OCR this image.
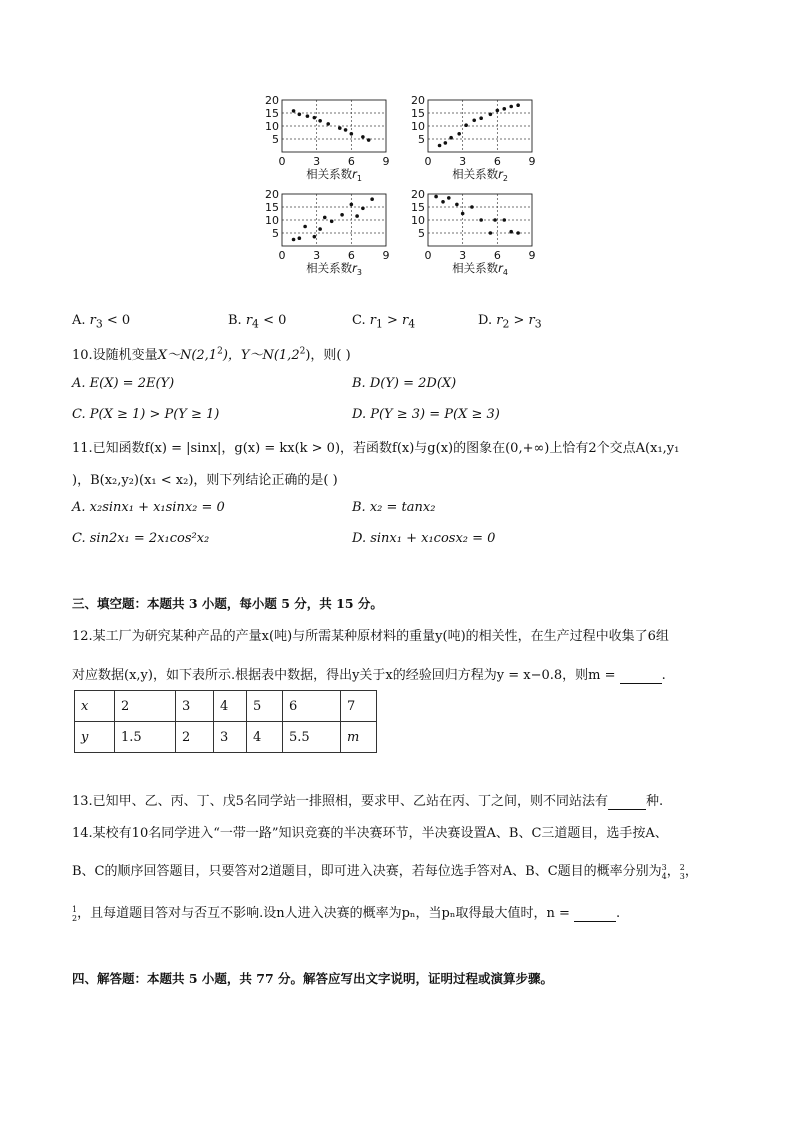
20
15
10
5
0	3	6	9
相关系数$r_1$
20
15
10
5
0	3	6	9
相关系数$r_2$
20
15
10
5
0	3	6	9
相关系数$r_3$
20
15
10
5
0	3	6	9
相关系数$r_4$
A. $r_3 < 0$	B. $r_4 < 0$	C. $r_1 > r_4$	D. $r_2 > r_3$
10.设随机变量$X\sim N(2,1^2)$，$Y\sim N(1,2^2)$，则( )
A. E(X) = 2E(Y)	B. D(Y) = 2D(X)
C. P(X ≥ 1) > P(Y ≥ 1)	D. P(Y ≥ 3) = P(X ≥ 3)
11.已知函数f(x) = |sinx|，g(x) = kx(k > 0)，若函数f(x)与g(x)的图象在(0,+∞)上恰有2个交点A(x₁,y₁
)，B(x₂,y₂)(x₁ < x₂)，则下列结论正确的是( )
A. x₂sinx₁ + x₁sinx₂ = 0	B. x₂ = tanx₂
C. sin2x₁ = 2x₁cos²x₂	D. sinx₁ + x₁cosx₂ = 0
三、填空题：本题共 3 小题，每小题 5 分，共 15 分。
12.某工厂为研究某种产品的产量x(吨)与所需某种原材料的重量y(吨)的相关性，在生产过程中收集了6组
对应数据(x,y)，如下表所示.根据表中数据，得出y关于x的经验回归方程为y = x−0.8，则m =	.
x	2	3	4	5	6	7
y	1.5	2	3	4	5.5	m
13.已知甲、乙、丙、丁、戊5名同学站一排照相，要求甲、乙站在丙、丁之间，则不同站法有	种.
14.某校有10名同学进入“一带一路”知识竞赛的半决赛环节，半决赛设置A、B、C三道题目，选手按A、
B、C的顺序回答题目，只要答对2道题目，即可进入决赛，若每位选手答对A、B、C题目的概率分别为3
4，2
3，
1
2，且每道题目答对与否互不影响.设n人进入决赛的概率为pₙ，当pₙ取得最大值时，n =	.
四、解答题：本题共 5 小题，共 77 分。解答应写出文字说明，证明过程或演算步骤。
